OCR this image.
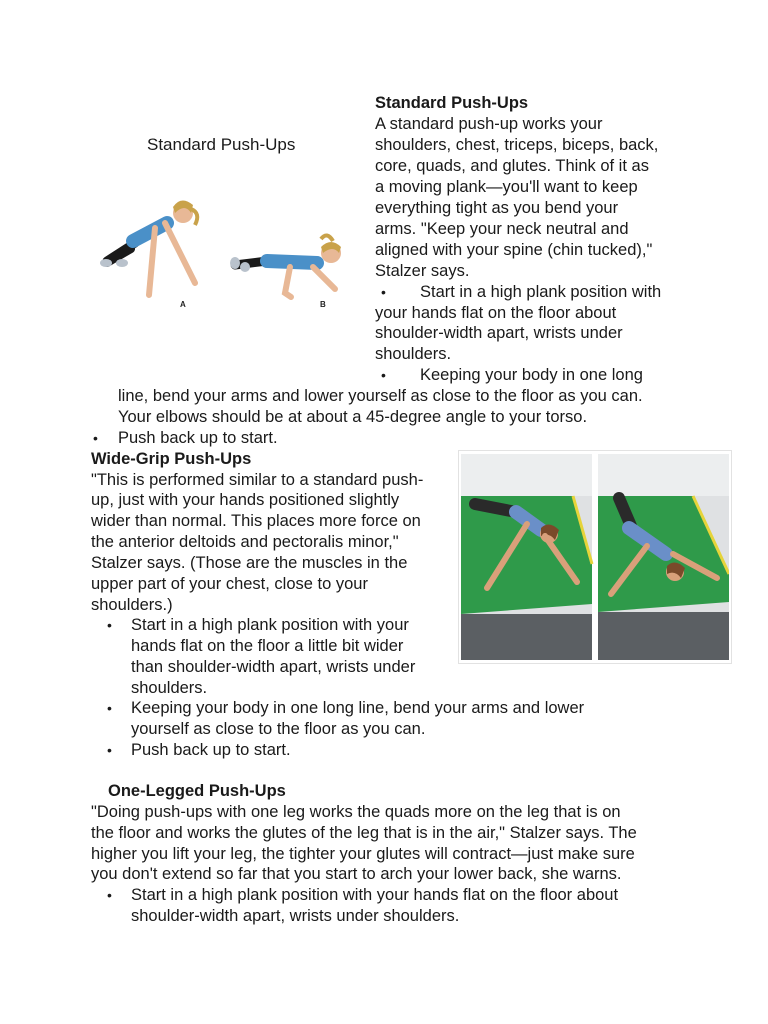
Standard Push-Ups
A standard push-up works your
shoulders, chest, triceps, biceps, back,
core, quads, and glutes. Think of it as
a moving plank—you'll want to keep
everything tight as you bend your
arms. "Keep your neck neutral and
aligned with your spine (chin tucked),"
Stalzer says.
• Start in a high plank position with
your hands flat on the floor about
shoulder-width apart, wrists under
shoulders.
• Keeping your body in one long
line, bend your arms and lower yourself as close to the floor as you can.
Your elbows should be at about a 45-degree angle to your torso.
• Push back up to start.
Standard Push-Ups
A	B
Wide-Grip Push-Ups
"This is performed similar to a standard push-
up, just with your hands positioned slightly
wider than normal. This places more force on
the anterior deltoids and pectoralis minor,"
Stalzer says. (Those are the muscles in the
upper part of your chest, close to your
shoulders.)
• Start in a high plank position with your
hands flat on the floor a little bit wider
than shoulder-width apart, wrists under
shoulders.
• Keeping your body in one long line, bend your arms and lower
yourself as close to the floor as you can.
• Push back up to start.
One-Legged Push-Ups
"Doing push-ups with one leg works the quads more on the leg that is on
the floor and works the glutes of the leg that is in the air," Stalzer says. The
higher you lift your leg, the tighter your glutes will contract—just make sure
you don't extend so far that you start to arch your lower back, she warns.
• Start in a high plank position with your hands flat on the floor about
shoulder-width apart, wrists under shoulders.
